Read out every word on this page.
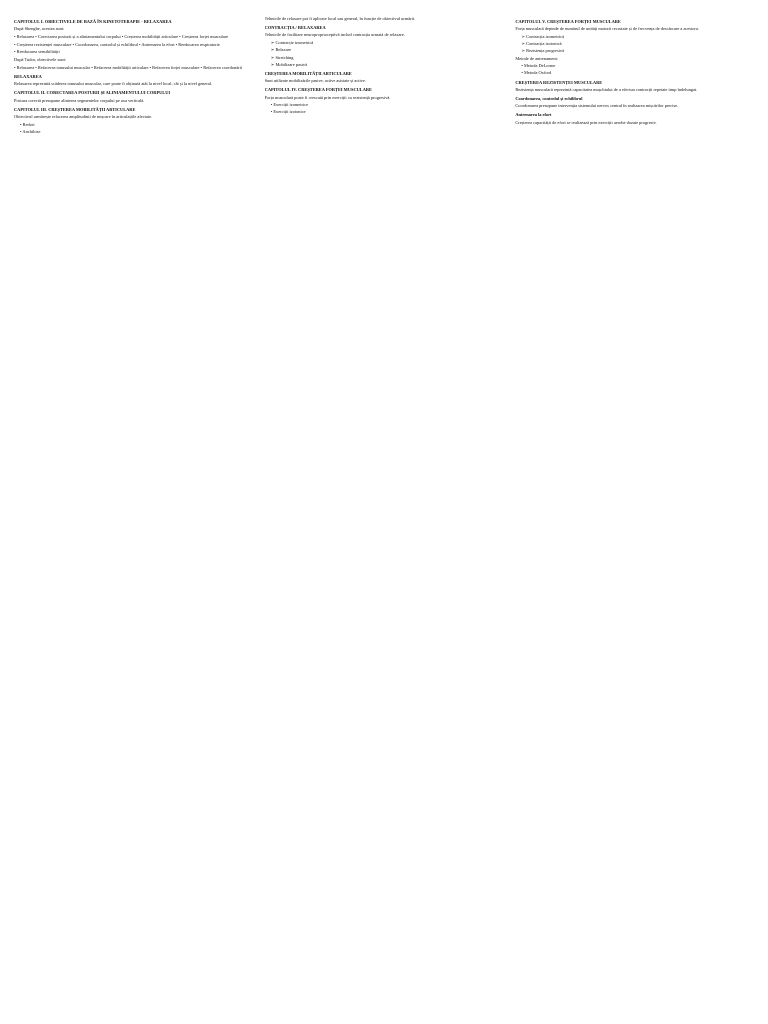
CAPITOLUL I. OBIECTIVELE DE BAZĂ ÎN KINETOTERAPIE - RELAXAREA
După Sbenghe, acestea sunt:
• Relaxarea • Corectarea posturii și a aliniamentului corpului • Creșterea mobilității articulare • Creșterea forței musculare
• Creșterea rezistenței musculare • Coordonarea, controlul și echilibrul • Antrenarea la efort • Reeducarea respiratorie
• Reeducarea sensibilității
După Tudor, obiectivele sunt:
• Relaxarea • Refacerea tonusului muscular • Refacerea mobilității articulare • Refacerea forței musculare • Refacerea coordonării
RELAXAREA
Relaxarea reprezintă scăderea tonusului muscular, care poate fi obținută atât la nivel local, cât și la nivel general.
CAPITOLUL II. CORECTAREA POSTURII ȘI ALINIAMENTULUI CORPULUI
Postura corectă presupune alinierea segmentelor corpului pe axa verticală.
CAPITOLUL III. CREȘTEREA MOBILITĂȚII ARTICULARE
Obiectivul urmărește refacerea amplitudinii de mișcare în articulațiile afectate.
• Redori
• Anchiloze
Tehnicile de relaxare pot fi aplicate local sau general, în funcție de obiectivul urmărit.
CONTRACȚIA / RELAXAREA
Tehnicile de facilitare neuroproprioceptivă includ contracția urmată de relaxare.
➢ Contracție izometrică
➢ Relaxare
➢ Stretching
➢ Mobilizare pasivă
CREȘTEREA MOBILITĂȚII ARTICULARE
Sunt utilizate mobilizările pasive, active asistate și active.
CAPITOLUL IV. CREȘTEREA FORȚEI MUSCULARE
Forța musculară poate fi crescută prin exerciții cu rezistență progresivă.
• Exerciții izometrice
• Exerciții izotonice
CAPITOLUL V. CREȘTEREA FORȚEI MUSCULARE
Forța musculară depinde de numărul de unități motorii recrutate și de frecvența de descărcare a acestora.
➢ Contracția izometrică
➢ Contracția izotonică
➢ Rezistența progresivă
Metode de antrenament:
• Metoda DeLorme
• Metoda Oxford
CREȘTEREA REZISTENȚEI MUSCULARE
Rezistența musculară reprezintă capacitatea mușchiului de a efectua contracții repetate timp îndelungat.
Coordonarea, controlul și echilibrul
Coordonarea presupune intervenția sistemului nervos central în realizarea mișcărilor precise.
Antrenarea la efort
Creșterea capacității de efort se realizează prin exerciții aerobe dozate progresiv.
